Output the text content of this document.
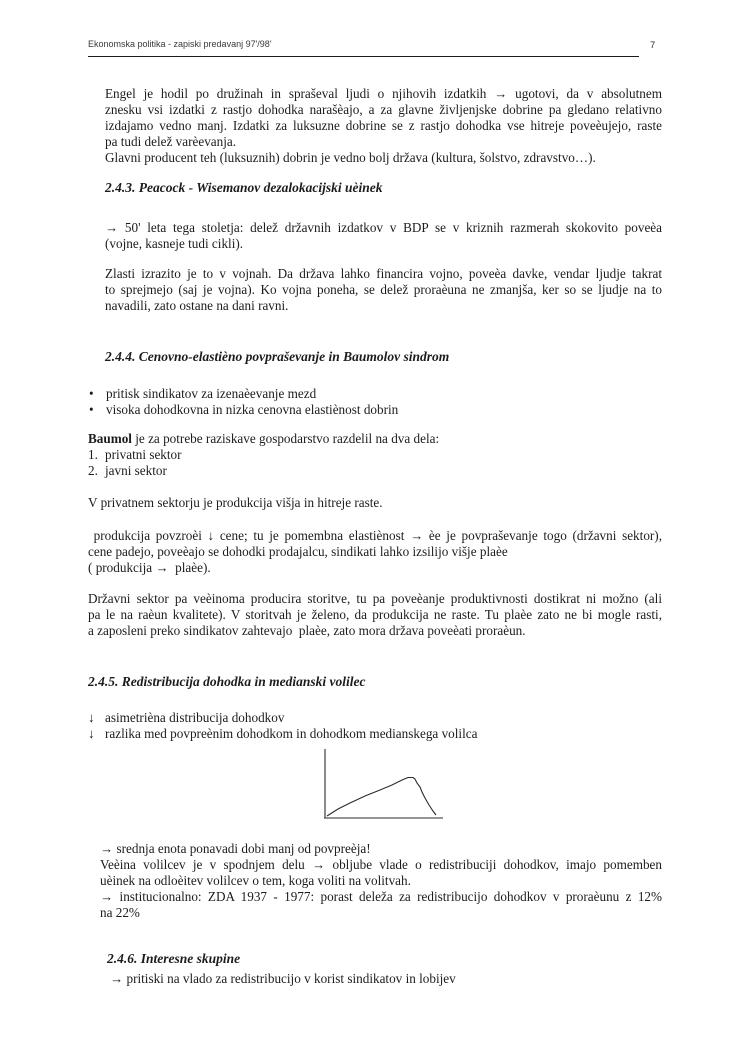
Ekonomska politika - zapiski predavanj 97'/98'	7
Engel je hodil po družinah in spraševal ljudi o njihovih izdatkih → ugotovi, da v absolutnem
znesku vsi izdatki z rastjo dohodka narašèajo, a za glavne življenjske dobrine pa gledano relativno
izdajamo vedno manj. Izdatki za luksuzne dobrine se z rastjo dohodka vse hitreje poveèujejo, raste
pa tudi delež varèevanja.
Glavni producent teh (luksuznih) dobrin je vedno bolj država (kultura, šolstvo, zdravstvo…).
2.4.3. Peacock - Wisemanov dezalokacijski uèinek
→ 50' leta tega stoletja: delež državnih izdatkov v BDP se v kriznih razmerah skokovito poveèa
(vojne, kasneje tudi cikli).
Zlasti izrazito je to v vojnah. Da država lahko financira vojno, poveèa davke, vendar ljudje takrat
to sprejmejo (saj je vojna). Ko vojna poneha, se delež proraèuna ne zmanjša, ker so se ljudje na to
navadili, zato ostane na dani ravni.
2.4.4. Cenovno-elastièno povpraševanje in Baumolov sindrom
• pritisk sindikatov za izenaèevanje mezd
• visoka dohodkovna in nizka cenovna elastiènost dobrin
Baumol je za potrebe raziskave gospodarstvo razdelil na dva dela:
1. privatni sektor
2. javni sektor
V privatnem sektorju je produkcija višja in hitreje raste.
produkcija povzroèi ↓ cene; tu je pomembna elastiènost → èe je povpraševanje togo (državni sektor),
cene padejo, poveèajo se dohodki prodajalcu, sindikati lahko izsilijo višje plaèe
( produkcija →  plaèe).
Državni sektor pa veèinoma producira storitve, tu pa poveèanje produktivnosti dostikrat ni možno (ali
pa le na raèun kvalitete). V storitvah je želeno, da produkcija ne raste. Tu plaèe zato ne bi mogle rasti,
a zaposleni preko sindikatov zahtevajo  plaèe, zato mora država poveèati proraèun.
2.4.5. Redistribucija dohodka in medianski volilec
↓ asimetrièna distribucija dohodkov
↓ razlika med povpreènim dohodkom in dohodkom medianskega volilca
→ srednja enota ponavadi dobi manj od povpreèja!
Veèina volilcev je v spodnjem delu → obljube vlade o redistribuciji dohodkov, imajo pomemben
uèinek na odloèitev volilcev o tem, koga voliti na volitvah.
→ institucionalno: ZDA 1937 - 1977: porast deleža za redistribucijo dohodkov v proraèunu z 12%
na 22%
2.4.6. Interesne skupine
→ pritiski na vlado za redistribucijo v korist sindikatov in lobijev
